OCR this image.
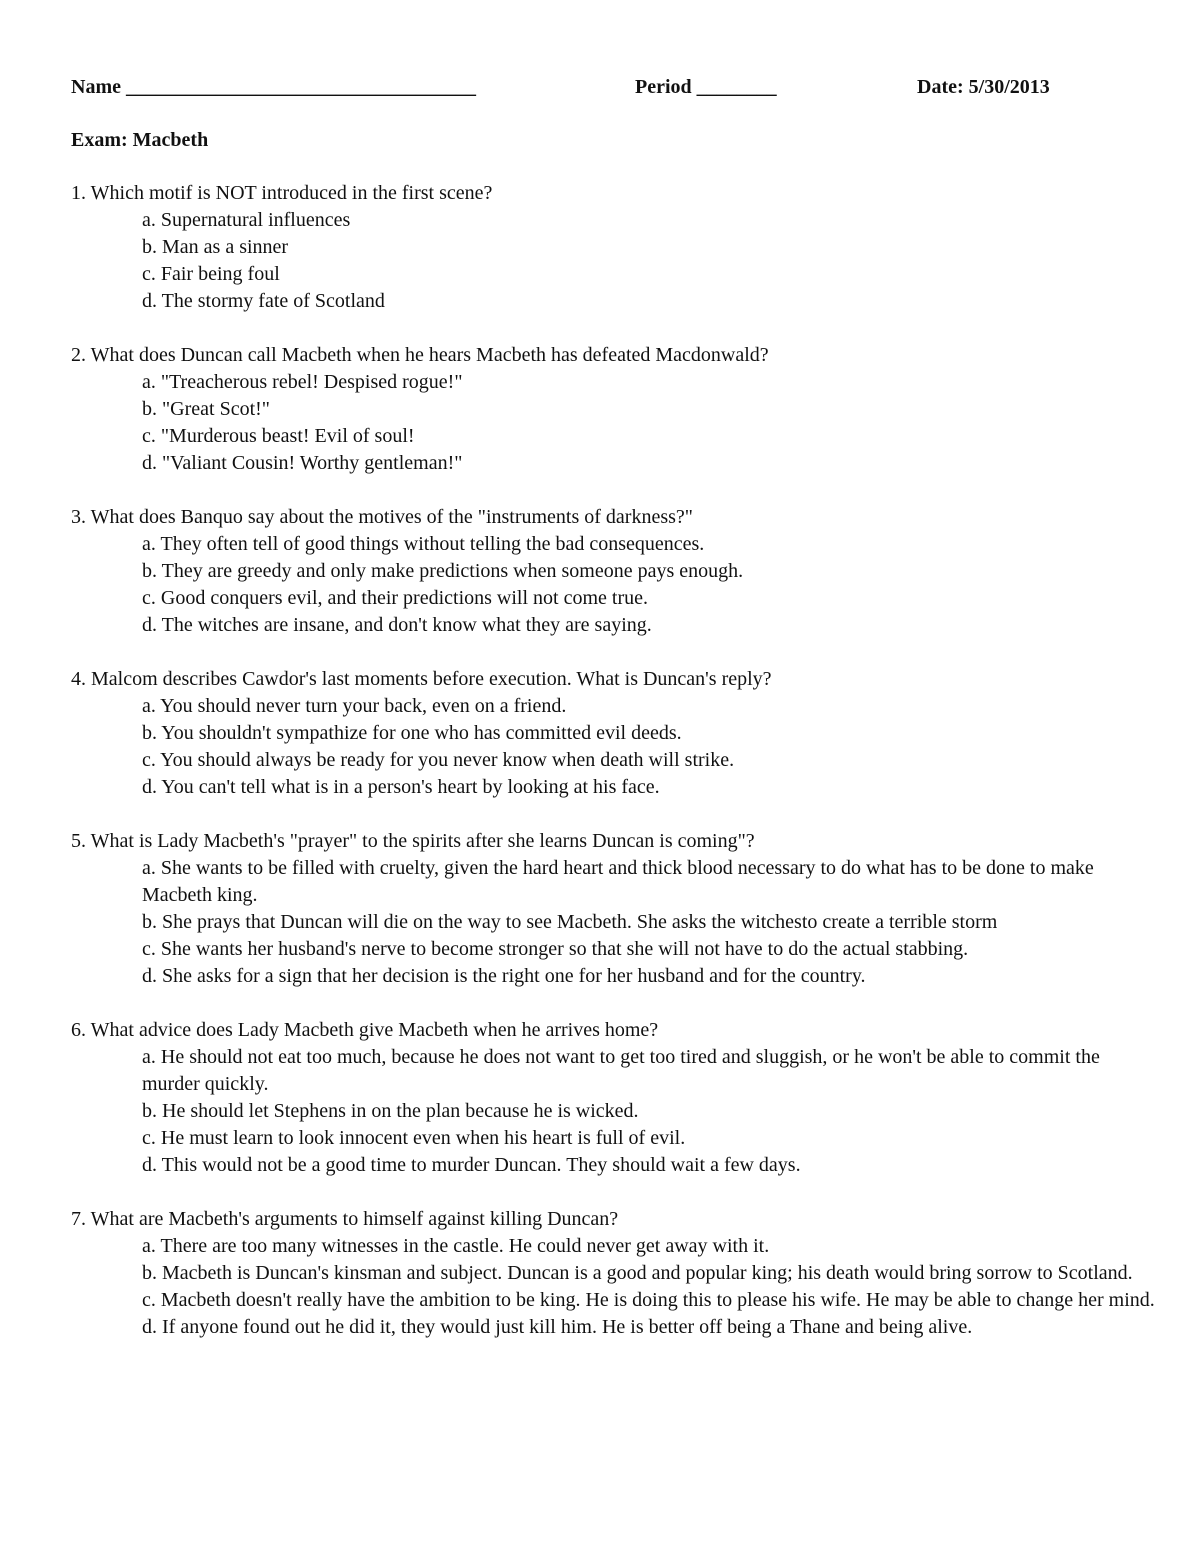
Name ___________________________________	Period ________	Date: 5/30/2013
Exam: Macbeth
1. Which motif is NOT introduced in the first scene?
a. Supernatural influences
b. Man as a sinner
c. Fair being foul
d. The stormy fate of Scotland
2. What does Duncan call Macbeth when he hears Macbeth has defeated Macdonwald?
a. "Treacherous rebel! Despised rogue!"
b. "Great Scot!"
c. "Murderous beast! Evil of soul!
d. "Valiant Cousin! Worthy gentleman!"
3. What does Banquo say about the motives of the "instruments of darkness?"
a. They often tell of good things without telling the bad consequences.
b. They are greedy and only make predictions when someone pays enough.
c. Good conquers evil, and their predictions will not come true.
d. The witches are insane, and don't know what they are saying.
4. Malcom describes Cawdor's last moments before execution. What is Duncan's reply?
a. You should never turn your back, even on a friend.
b. You shouldn't sympathize for one who has committed evil deeds.
c. You should always be ready for you never know when death will strike.
d. You can't tell what is in a person's heart by looking at his face.
5. What is Lady Macbeth's "prayer" to the spirits after she learns Duncan is coming"?
a. She wants to be filled with cruelty, given the hard heart and thick blood necessary to do what has to be done to make Macbeth king.
b. She prays that Duncan will die on the way to see Macbeth. She asks the witchesto create a terrible storm
c. She wants her husband's nerve to become stronger so that she will not have to do the actual stabbing.
d. She asks for a sign that her decision is the right one for her husband and for the country.
6. What advice does Lady Macbeth give Macbeth when he arrives home?
a. He should not eat too much, because he does not want to get too tired and sluggish, or he won't be able to commit the murder quickly.
b. He should let Stephens in on the plan because he is wicked.
c. He must learn to look innocent even when his heart is full of evil.
d. This would not be a good time to murder Duncan. They should wait a few days.
7. What are Macbeth's arguments to himself against killing Duncan?
a. There are too many witnesses in the castle. He could never get away with it.
b. Macbeth is Duncan's kinsman and subject. Duncan is a good and popular king; his death would bring sorrow to Scotland.
c. Macbeth doesn't really have the ambition to be king. He is doing this to please his wife. He may be able to change her mind.
d. If anyone found out he did it, they would just kill him. He is better off being a Thane and being alive.
